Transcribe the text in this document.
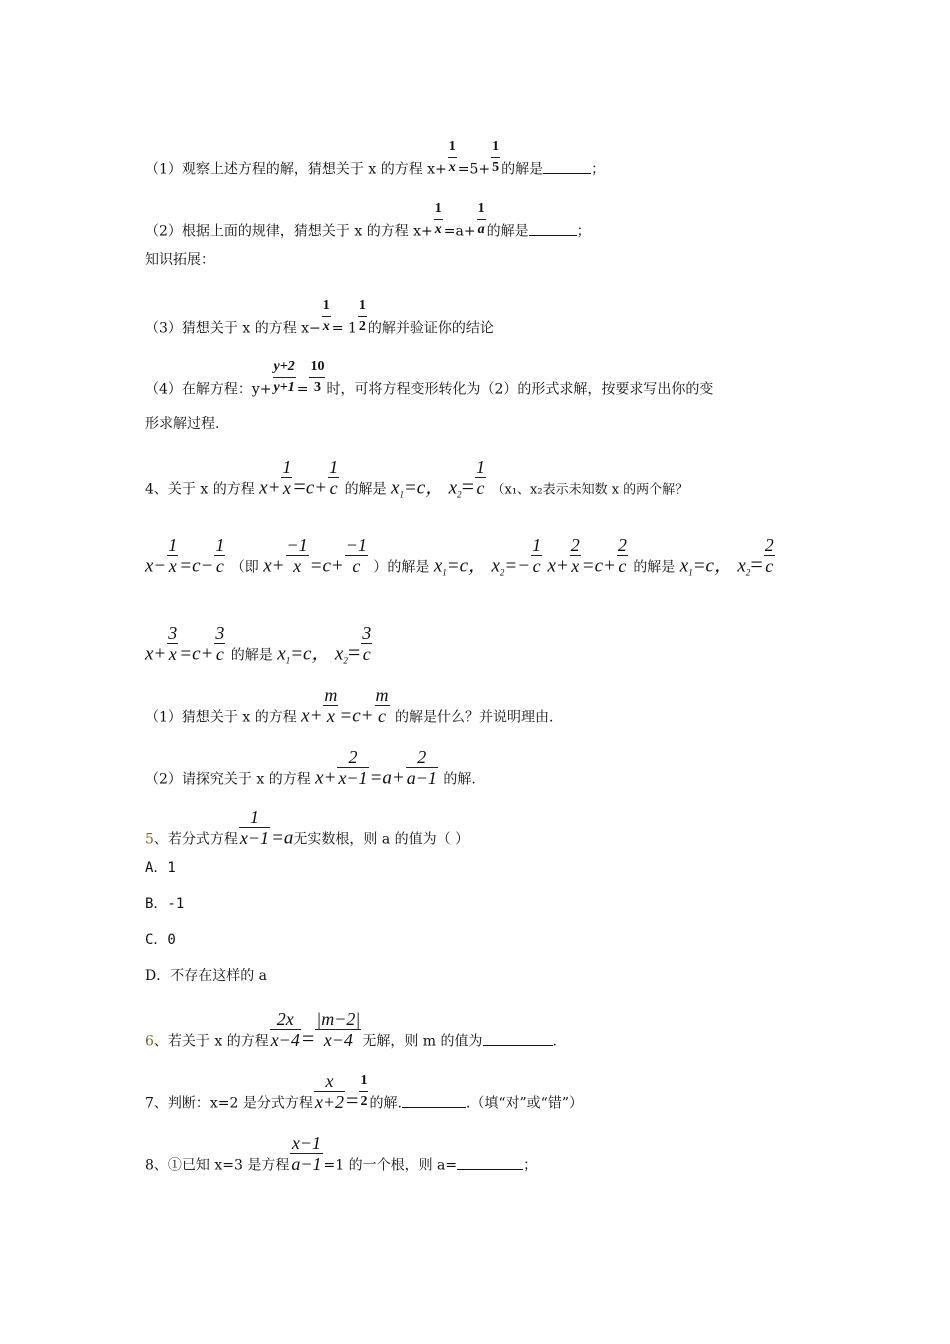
（1）观察上述方程的解，猜想关于 x 的方程 $x+ \frac{1}{x} =5+ \frac{1}{5}$ 的解是	；
（2）根据上面的规律，猜想关于 x 的方程 $x+ \frac{1}{x} =a+ \frac{1}{a}$ 的解是	；
知识拓展：
（3）猜想关于 x 的方程 $x- \frac{1}{x} = 1 \frac{1}{2}$ 的解并验证你的结论
（4）在解方程：$y+ \frac{y+2}{y+1} = \frac{10}{3}$ 时，可将方程变形转化为（2）的形式求解，按要求写出你的变
形求解过程.
4、关于 x 的方程 $x+ \frac{1}{x} =c+ \frac{1}{c}$ 的解是 $x_1=c$， $x_2= \frac{1}{c} (x_1$、x₂表示未知数 x 的两个解？
$x- \frac{1}{x} =c- \frac{1}{c}$ （即 $x+ \frac{-1}{x} =c+ \frac{-1}{c}$ ）的解是 $x_1=c$， $x_2=- \frac{1}{c} x+ \frac{2}{x} =c+ \frac{2}{c}$ 的解是 $x_1=c$， $x_2= \frac{2}{c}$
$x+ \frac{3}{x} =c+ \frac{3}{c}$ 的解是 $x_1=c$， $x_2= \frac{3}{c}$
（1）猜想关于 x 的方程 $x+ \frac{m}{x} =c+ \frac{m}{c}$ 的解是什么？并说明理由.
（2）请探究关于 x 的方程 $x+ \frac{2}{x-1} =a+ \frac{2}{a-1}$ 的解.
5、若分式方程 $\frac{1}{x-1} =a$无实数根，则 a 的值为（ ）
A．1
B．-1
C．0
D．不存在这样的 a
6、若关于 x 的方程 $\frac{2x}{x-4} = \frac{|m-2|}{x-4}$ 无解，则 m 的值为	.
7、判断：x=2 是分式方程 $\frac{x}{x+2} = \frac{1}{2}$ 的解.	.（填“对”或“错”）
8、①已知 x=3 是方程 $\frac{x-1}{a-1} =1$ 的一个根，则 a=	；
